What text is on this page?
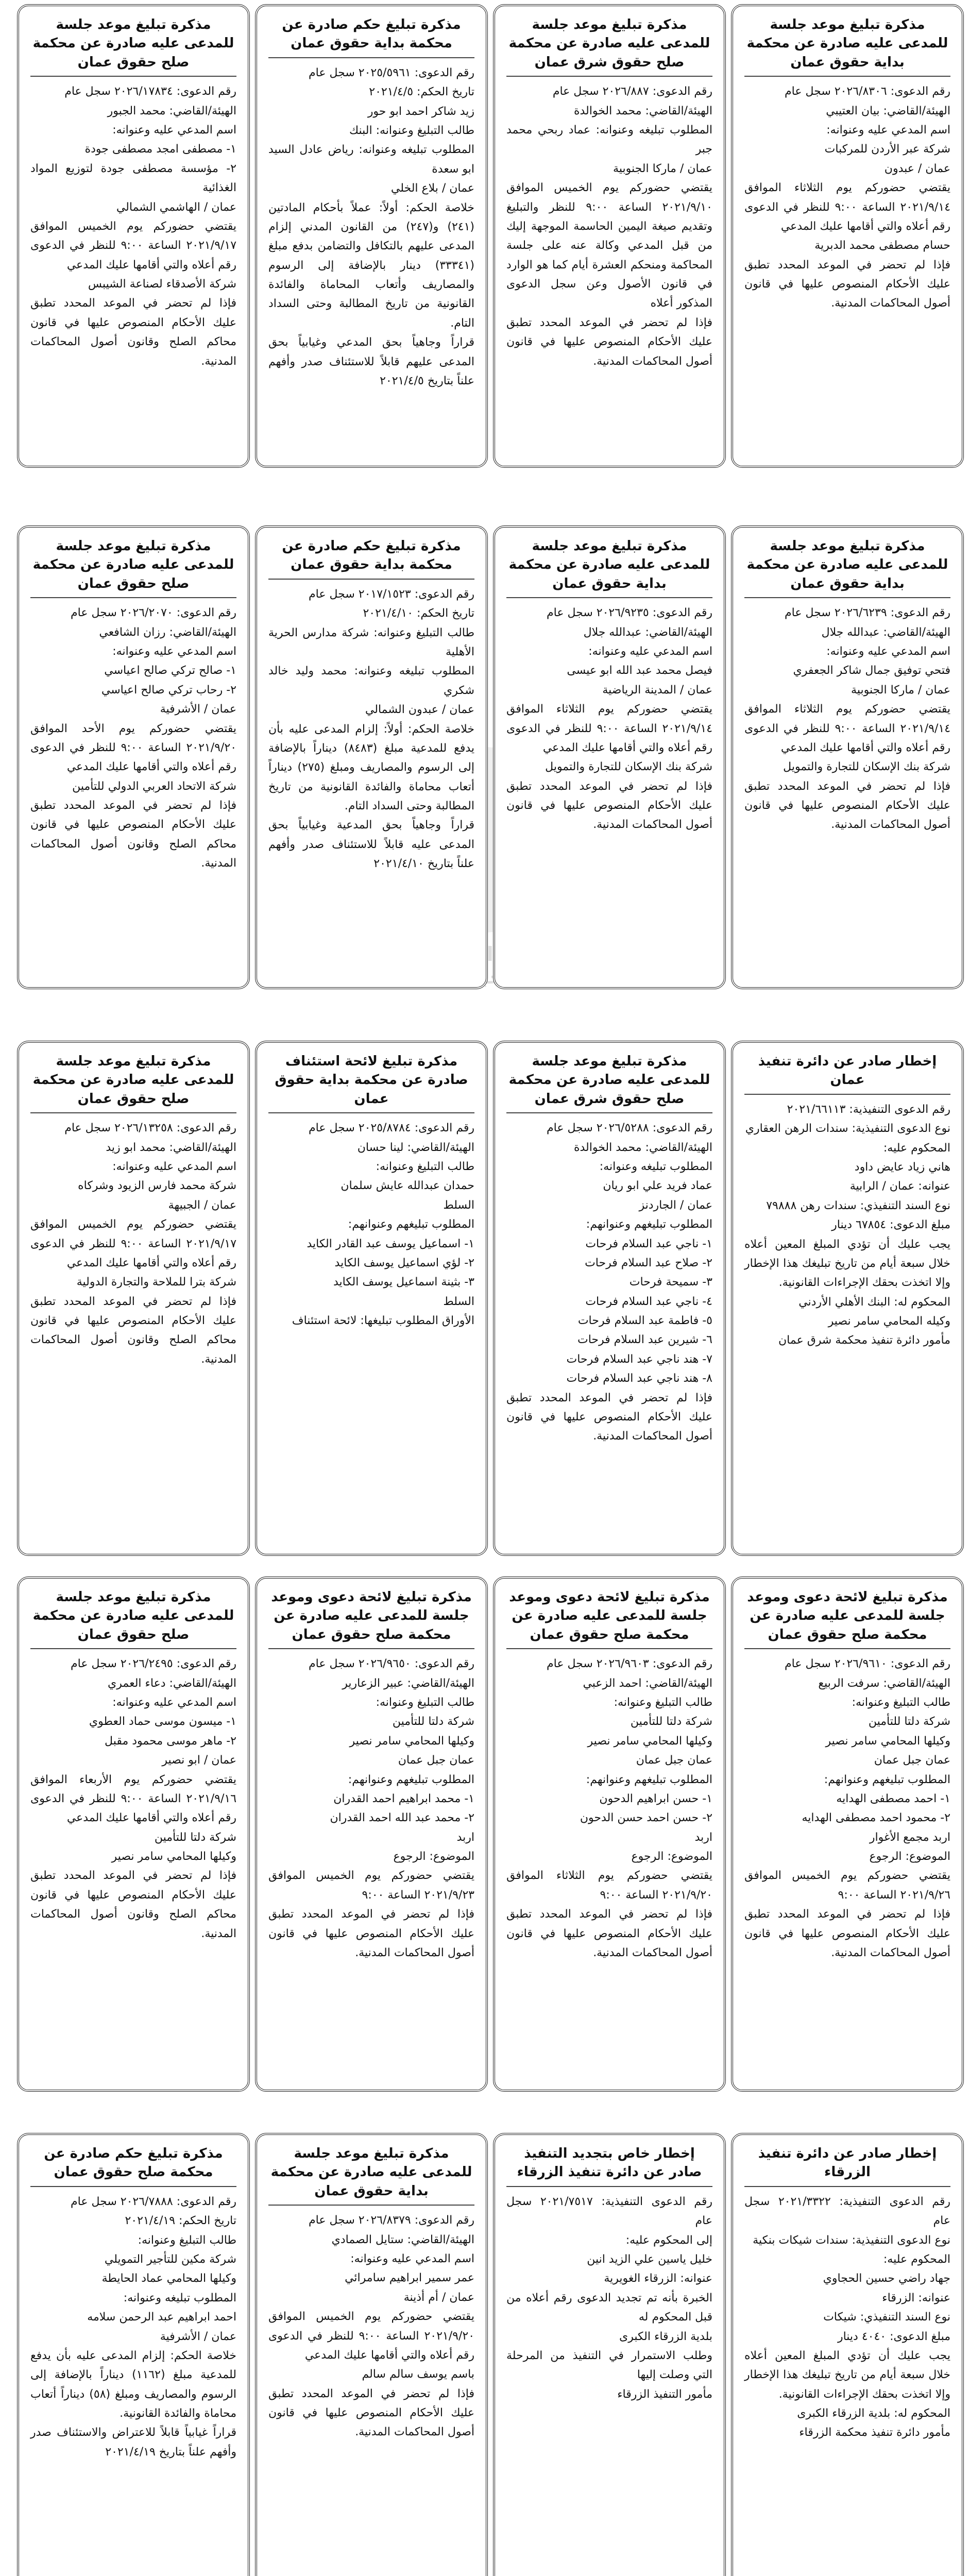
مذكرة تبليغ موعد جلسة للمدعى عليه صادرة عن محكمة بداية حقوق عمان
رقم الدعوى: ٢٠٢٦/٨٣٠٦ سجل عام
الهيئة/القاضي: بيان العتيبي
اسم المدعي عليه وعنوانه:
شركة عبر الأردن للمركبات
عمان / عبدون
يقتضي حضوركم يوم الثلاثاء الموافق ٢٠٢١/٩/١٤ الساعة ٩:٠٠ للنظر في الدعوى رقم أعلاه والتي أقامها عليك المدعي
حسام مصطفى محمد الدبرية
فإذا لم تحضر في الموعد المحدد تطبق عليك الأحكام المنصوص عليها في قانون أصول المحاكمات المدنية.
مذكرة تبليغ موعد جلسة للمدعى عليه صادرة عن محكمة صلح حقوق شرق عمان
رقم الدعوى: ٢٠٢٦/٨٨٧ سجل عام
الهيئة/القاضي: محمد الخوالدة
المطلوب تبليغه وعنوانه: عماد ربحي محمد جبر
عمان / ماركا الجنوبية
يقتضي حضوركم يوم الخميس الموافق ٢٠٢١/٩/١٠ الساعة ٩:٠٠ للنظر والتبليغ وتقديم صيغة اليمين الحاسمة الموجهة إليك من قبل المدعي وكالة عنه على جلسة المحاكمة ومنحكم العشرة أيام كما هو الوارد في قانون الأصول وعن سجل الدعوى المذكور أعلاه
فإذا لم تحضر في الموعد المحدد تطبق عليك الأحكام المنصوص عليها في قانون أصول المحاكمات المدنية.
مذكرة تبليغ حكم صادرة عن محكمة بداية حقوق عمان
رقم الدعوى: ٢٠٢٥/٥٩٦١ سجل عام
تاريخ الحكم: ٢٠٢١/٤/٥
زيد شاكر احمد ابو حور
طالب التبليغ وعنوانه: البنك
المطلوب تبليغه وعنوانه: رياض عادل السيد ابو سعدة
عمان / بلاع الخلي
خلاصة الحكم: أولاً: عملاً بأحكام المادتين (٢٤١) و(٢٤٧) من القانون المدني إلزام المدعى عليهم بالتكافل والتضامن بدفع مبلغ (٣٣٣٤١) دينار بالإضافة إلى الرسوم والمصاريف وأتعاب المحاماة والفائدة القانونية من تاريخ المطالبة وحتى السداد التام.
قراراً وجاهياً بحق المدعي وغيابياً بحق المدعى عليهم قابلاً للاستئناف صدر وأفهم علناً بتاريخ ٢٠٢١/٤/٥
مذكرة تبليغ موعد جلسة للمدعى عليه صادرة عن محكمة صلح حقوق عمان
رقم الدعوى: ٢٠٢٦/١٧٨٣٤ سجل عام
الهيئة/القاضي: محمد الجبور
اسم المدعي عليه وعنوانه:
١- مصطفى امجد مصطفى جودة
٢- مؤسسة مصطفى جودة لتوزيع المواد الغذائية
عمان / الهاشمي الشمالي
يقتضي حضوركم يوم الخميس الموافق ٢٠٢١/٩/١٧ الساعة ٩:٠٠ للنظر في الدعوى رقم أعلاه والتي أقامها عليك المدعي
شركة الأصدقاء لصناعة الشيبس
فإذا لم تحضر في الموعد المحدد تطبق عليك الأحكام المنصوص عليها في قانون محاكم الصلح وقانون أصول المحاكمات المدنية.
مذكرة تبليغ موعد جلسة للمدعى عليه صادرة عن محكمة بداية حقوق عمان
رقم الدعوى: ٢٠٢٦/٦٢٣٩ سجل عام
الهيئة/القاضي: عبدالله جلال
اسم المدعي عليه وعنوانه:
فتحي توفيق جمال شاكر الجعفري
عمان / ماركا الجنوبية
يقتضي حضوركم يوم الثلاثاء الموافق ٢٠٢١/٩/١٤ الساعة ٩:٠٠ للنظر في الدعوى رقم أعلاه والتي أقامها عليك المدعي
شركة بنك الإسكان للتجارة والتمويل
فإذا لم تحضر في الموعد المحدد تطبق عليك الأحكام المنصوص عليها في قانون أصول المحاكمات المدنية.
مذكرة تبليغ موعد جلسة للمدعى عليه صادرة عن محكمة بداية حقوق عمان
رقم الدعوى: ٢٠٢٦/٩٢٣٥ سجل عام
الهيئة/القاضي: عبدالله جلال
اسم المدعي عليه وعنوانه:
فيصل محمد عبد الله ابو عيسى
عمان / المدينة الرياضية
يقتضي حضوركم يوم الثلاثاء الموافق ٢٠٢١/٩/١٤ الساعة ٩:٠٠ للنظر في الدعوى رقم أعلاه والتي أقامها عليك المدعي
شركة بنك الإسكان للتجارة والتمويل
فإذا لم تحضر في الموعد المحدد تطبق عليك الأحكام المنصوص عليها في قانون أصول المحاكمات المدنية.
مذكرة تبليغ حكم صادرة عن محكمة بداية حقوق عمان
رقم الدعوى: ٢٠١٧/١٥٢٣ سجل عام
تاريخ الحكم: ٢٠٢١/٤/١٠
طالب التبليغ وعنوانه: شركة مدارس الحرية الأهلية
المطلوب تبليغه وعنوانه: محمد وليد خالد شكري
عمان / عبدون الشمالي
خلاصة الحكم: أولاً: إلزام المدعى عليه بأن يدفع للمدعية مبلغ (٨٤٨٣) ديناراً بالإضافة إلى الرسوم والمصاريف ومبلغ (٢٧٥) ديناراً أتعاب محاماة والفائدة القانونية من تاريخ المطالبة وحتى السداد التام.
قراراً وجاهياً بحق المدعية وغيابياً بحق المدعى عليه قابلاً للاستئناف صدر وأفهم علناً بتاريخ ٢٠٢١/٤/١٠
مذكرة تبليغ موعد جلسة للمدعى عليه صادرة عن محكمة صلح حقوق عمان
رقم الدعوى: ٢٠٢٦/٢٠٧٠ سجل عام
الهيئة/القاضي: رزان الشافعي
اسم المدعي عليه وعنوانه:
١- صالح تركي صالح اعياسي
٢- رحاب تركي صالح اعياسي
عمان / الأشرفية
يقتضي حضوركم يوم الأحد الموافق ٢٠٢١/٩/٢٠ الساعة ٩:٠٠ للنظر في الدعوى رقم أعلاه والتي أقامها عليك المدعي
شركة الاتحاد العربي الدولي للتأمين
فإذا لم تحضر في الموعد المحدد تطبق عليك الأحكام المنصوص عليها في قانون محاكم الصلح وقانون أصول المحاكمات المدنية.
إخطار صادر عن دائرة تنفيذ عمان
رقم الدعوى التنفيذية: ٢٠٢١/٦٦١١٣
نوع الدعوى التنفيذية: سندات الرهن العقاري
المحكوم عليه:
هاني زياد عايض داود
عنوانه: عمان / الرابية
نوع السند التنفيذي: سندات رهن ٧٩٨٨٨
مبلغ الدعوى: ٦٧٨٥٤ دينار
يجب عليك أن تؤدي المبلغ المعين أعلاه خلال سبعة أيام من تاريخ تبليغك هذا الإخطار وإلا اتخذت بحقك الإجراءات القانونية.
المحكوم له: البنك الأهلي الأردني
وكيله المحامي سامر نصير
مأمور دائرة تنفيذ محكمة شرق عمان
مذكرة تبليغ موعد جلسة للمدعى عليه صادرة عن محكمة صلح حقوق شرق عمان
رقم الدعوى: ٢٠٢٦/٥٢٨٨ سجل عام
الهيئة/القاضي: محمد الخوالدة
المطلوب تبليغه وعنوانه:
عماد فريد علي ابو ريان
عمان / الجاردنز
المطلوب تبليغهم وعنوانهم:
١- ناجي عبد السلام فرحات
٢- صلاح عبد السلام فرحات
٣- سميحة فرحات
٤- ناجي عبد السلام فرحات
٥- فاطمة عبد السلام فرحات
٦- شيرين عبد السلام فرحات
٧- هند ناجي عبد السلام فرحات
٨- هند ناجي عبد السلام فرحات
فإذا لم تحضر في الموعد المحدد تطبق عليك الأحكام المنصوص عليها في قانون أصول المحاكمات المدنية.
مذكرة تبليغ لائحة استئناف صادرة عن محكمة بداية حقوق عمان
رقم الدعوى: ٢٠٢٥/٨٧٨٤ سجل عام
الهيئة/القاضي: لينا حسان
طالب التبليغ وعنوانه:
حمدان عبدالله عايش سلمان
السلط
المطلوب تبليغهم وعنوانهم:
١- اسماعيل يوسف عبد القادر الكايد
٢- لؤي اسماعيل يوسف الكايد
٣- بثينة اسماعيل يوسف الكايد
السلط
الأوراق المطلوب تبليغها: لائحة استئناف
مذكرة تبليغ موعد جلسة للمدعى عليه صادرة عن محكمة صلح حقوق عمان
رقم الدعوى: ٢٠٢٦/١٣٢٥٨ سجل عام
الهيئة/القاضي: محمد ابو زيد
اسم المدعي عليه وعنوانه:
شركة محمد فارس الزيود وشركاه
عمان / الجبيهة
يقتضي حضوركم يوم الخميس الموافق ٢٠٢١/٩/١٧ الساعة ٩:٠٠ للنظر في الدعوى رقم أعلاه والتي أقامها عليك المدعي
شركة بترا للملاحة والتجارة الدولية
فإذا لم تحضر في الموعد المحدد تطبق عليك الأحكام المنصوص عليها في قانون محاكم الصلح وقانون أصول المحاكمات المدنية.
مذكرة تبليغ لائحة دعوى وموعد جلسة للمدعى عليه صادرة عن محكمة صلح حقوق عمان
رقم الدعوى: ٢٠٢٦/٩٦١٠ سجل عام
الهيئة/القاضي: سرفت الربيع
طالب التبليغ وعنوانه:
شركة دلتا للتأمين
وكيلها المحامي سامر نصير
عمان جبل عمان
المطلوب تبليغهم وعنوانهم:
١- احمد مصطفى الهدايه
٢- محمود احمد مصطفى الهدايه
اربد مجمع الأغوار
الموضوع: الرجوع
يقتضي حضوركم يوم الخميس الموافق ٢٠٢١/٩/٢٦ الساعة ٩:٠٠
فإذا لم تحضر في الموعد المحدد تطبق عليك الأحكام المنصوص عليها في قانون أصول المحاكمات المدنية.
مذكرة تبليغ لائحة دعوى وموعد جلسة للمدعى عليه صادرة عن محكمة صلح حقوق عمان
رقم الدعوى: ٢٠٢٦/٩٦٠٣ سجل عام
الهيئة/القاضي: احمد الزعبي
طالب التبليغ وعنوانه:
شركة دلتا للتأمين
وكيلها المحامي سامر نصير
عمان جبل عمان
المطلوب تبليغهم وعنوانهم:
١- حسن ابراهيم الدحون
٢- حسن احمد حسن الدحون
اربد
الموضوع: الرجوع
يقتضي حضوركم يوم الثلاثاء الموافق ٢٠٢١/٩/٢٠ الساعة ٩:٠٠
فإذا لم تحضر في الموعد المحدد تطبق عليك الأحكام المنصوص عليها في قانون أصول المحاكمات المدنية.
مذكرة تبليغ لائحة دعوى وموعد جلسة للمدعى عليه صادرة عن محكمة صلح حقوق عمان
رقم الدعوى: ٢٠٢٦/٩٦٥٠ سجل عام
الهيئة/القاضي: عبير الزعارير
طالب التبليغ وعنوانه:
شركة دلتا للتأمين
وكيلها المحامي سامر نصير
عمان جبل عمان
المطلوب تبليغهم وعنوانهم:
١- محمد ابراهيم احمد القدران
٢- محمد عبد الله احمد القدران
اربد
الموضوع: الرجوع
يقتضي حضوركم يوم الخميس الموافق ٢٠٢١/٩/٢٣ الساعة ٩:٠٠
فإذا لم تحضر في الموعد المحدد تطبق عليك الأحكام المنصوص عليها في قانون أصول المحاكمات المدنية.
مذكرة تبليغ موعد جلسة للمدعى عليه صادرة عن محكمة صلح حقوق عمان
رقم الدعوى: ٢٠٢٦/٢٤٩٥ سجل عام
الهيئة/القاضي: دعاء العمري
اسم المدعي عليه وعنوانه:
١- ميسون موسى حماد العطوي
٢- ماهر موسى محمود مقبل
عمان / ابو نصير
يقتضي حضوركم يوم الأربعاء الموافق ٢٠٢١/٩/١٦ الساعة ٩:٠٠ للنظر في الدعوى رقم أعلاه والتي أقامها عليك المدعي
شركة دلتا للتأمين
وكيلها المحامي سامر نصير
فإذا لم تحضر في الموعد المحدد تطبق عليك الأحكام المنصوص عليها في قانون محاكم الصلح وقانون أصول المحاكمات المدنية.
إخطار صادر عن دائرة تنفيذ الزرقاء
رقم الدعوى التنفيذية: ٢٠٢١/٣٣٢٢ سجل عام
نوع الدعوى التنفيذية: سندات شيكات بنكية
المحكوم عليه:
جهاد راضي حسين الحجاوي
عنوانه: الزرقاء
نوع السند التنفيذي: شيكات
مبلغ الدعوى: ٤٠٤٠ دينار
يجب عليك أن تؤدي المبلغ المعين أعلاه خلال سبعة أيام من تاريخ تبليغك هذا الإخطار وإلا اتخذت بحقك الإجراءات القانونية.
المحكوم له: بلدية الزرقاء الكبرى
مأمور دائرة تنفيذ محكمة الزرقاء
إخطار خاص بتجديد التنفيذ صادر عن دائرة تنفيذ الزرقاء
رقم الدعوى التنفيذية: ٢٠٢١/٧٥١٧ سجل عام
إلى المحكوم عليه:
خليل ياسين علي الزيد انين
عنوانه: الزرقاء الغويرية
الخبرة بأنه تم تجديد الدعوى رقم أعلاه من قبل المحكوم له
بلدية الزرقاء الكبرى
وطلب الاستمرار في التنفيذ من المرحلة التي وصلت إليها
مأمور التنفيذ الزرقاء
مذكرة تبليغ موعد جلسة للمدعى عليه صادرة عن محكمة بداية حقوق عمان
رقم الدعوى: ٢٠٢٦/٨٣٧٩ سجل عام
الهيئة/القاضي: ستايل الصمادي
اسم المدعي عليه وعنوانه:
عمر سمير ابراهيم سامرائي
عمان / أم أذينة
يقتضي حضوركم يوم الخميس الموافق ٢٠٢١/٩/٢٠ الساعة ٩:٠٠ للنظر في الدعوى رقم أعلاه والتي أقامها عليك المدعي
باسم يوسف سالم سالم
فإذا لم تحضر في الموعد المحدد تطبق عليك الأحكام المنصوص عليها في قانون أصول المحاكمات المدنية.
مذكرة تبليغ حكم صادرة عن محكمة صلح حقوق عمان
رقم الدعوى: ٢٠٢٦/٧٨٨٨ سجل عام
تاريخ الحكم: ٢٠٢١/٤/١٩
طالب التبليغ وعنوانه:
شركة مكين للتأجير التمويلي
وكيلها المحامي عماد الحايطة
المطلوب تبليغه وعنوانه:
احمد ابراهيم عبد الرحمن سلامه
عمان / الأشرفية
خلاصة الحكم: إلزام المدعى عليه بأن يدفع للمدعية مبلغ (١١٦٢) ديناراً بالإضافة إلى الرسوم والمصاريف ومبلغ (٥٨) ديناراً أتعاب محاماة والفائدة القانونية.
قراراً غيابياً قابلاً للاعتراض والاستئناف صدر وأفهم علناً بتاريخ ٢٠٢١/٤/١٩
